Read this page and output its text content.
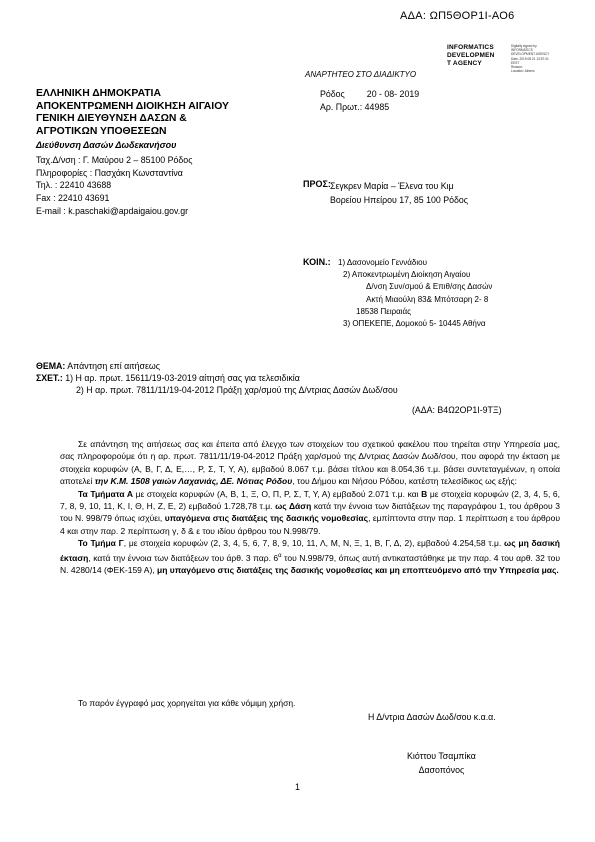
ΑΔΑ: ΩΠ5ΘΟΡ1Ι-ΑΟ6
INFORMATICS
DEVELOPMEN
T AGENCY
Digitally signed by
INFORMATICS
DEVELOPMENT AGENCY
Date: 2019.08.21 13:57:31
EEST
Reason:
Location: Athens
ΑΝΑΡΤΗΤΕΟ ΣΤΟ ΔΙΑΔΙΚΤΥΟ
ΕΛΛΗΝΙΚΗ ΔΗΜΟΚΡΑΤΙΑ
ΑΠΟΚΕΝΤΡΩΜΕΝΗ ΔΙΟΙΚΗΣΗ ΑΙΓΑΙΟΥ
ΓΕΝΙΚΗ ΔΙΕΥΘΥΝΣΗ ΔΑΣΩΝ &
ΑΓΡΟΤΙΚΩΝ ΥΠΟΘΕΣΕΩΝ
Διεύθυνση Δασών Δωδεκανήσου
Ταχ.Δ/νση : Γ. Μαύρου 2 – 85100 Ρόδος
Πληροφορίες : Πασχάκη Κωνσταντίνα
Τηλ. : 22410 43688
Fax : 22410 43691
E-mail : k.paschaki@apdaigaiou.gov.gr
Ρόδος	20 - 08- 2019
Αρ. Πρωτ.: 44985
ΠΡΟΣ: Σεγκρεν Μαρία – Έλενα του Κιμ
Βορείου Ηπείρου 17, 85 100 Ρόδος
ΚΟΙΝ.: 1) Δασονομείο Γεννάδιου
2) Αποκεντρωμένη Διοίκηση Αιγαίου
Δ/νση Συν/σμού & Επιθ/σης Δασών
Ακτή Μιαούλη 83& Μπότσαρη 2- 8
18538 Πειραιάς
3) ΟΠΕΚΕΠΕ, Δομοκού 5- 10445 Αθήνα
ΘΕΜΑ: Απάντηση επί αιτήσεως
ΣΧΕΤ.: 1) Η αρ. πρωτ. 15611/19-03-2019 αίτησή σας για τελεσιδικία
2) Η αρ. πρωτ. 7811/11/19-04-2012 Πράξη χαρ/σμού της Δ/ντριας Δασών Δωδ/σου
(ΑΔΑ: Β4Ω2ΟΡ1Ι-9ΤΞ)

Σε απάντηση της αιτήσεως σας και έπειτα από έλεγχο των στοιχείων του σχετικού φακέλου που τηρείται στην Υπηρεσία μας, σας πληροφορούμε ότι η αρ. πρωτ. 7811/11/19-04-2012 Πράξη χαρ/σμού της Δ/ντριας Δασών Δωδ/σου, που αφορά την έκταση με στοιχεία κορυφών (Α, Β, Γ, Δ, Ε,…, Ρ, Σ, Τ, Υ, Α), εμβαδού 8.067 τ.μ. βάσει τίτλου και 8.054,36 τ.μ. βάσει συντεταγμένων, η οποία αποτελεί την Κ.Μ. 1508 γαιών Λαχανιάς, ΔΕ. Νότιας Ρόδου, του Δήμου και Νήσου Ρόδου, κατέστη τελεσίδικος ως εξής:

Τα Τμήματα Α με στοιχεία κορυφών (Α, Β, 1, Ξ, Ο, Π, Ρ, Σ, Τ, Υ, Α) εμβαδού 2.071 τ.μ. και Β με στοιχεία κορυφών (2, 3, 4, 5, 6, 7, 8, 9, 10, 11, Κ, Ι, Θ, Η, Ζ, Ε, 2) εμβαδού 1.728,78 τ.μ. ως Δάση κατά την έννοια των διατάξεων της παραγράφου 1, του άρθρου 3 του Ν. 998/79 όπως ισχύει, υπαγόμενα στις διατάξεις της δασικής νομοθεσίας, εμπίπτοντα στην παρ. 1 περίπτωση ε του άρθρου 4 και στην παρ. 2 περίπτωση γ, δ & ε του ιδίου άρθρου του Ν.998/79.

Το Τμήμα Γ, με στοιχεία κορυφών (2, 3, 4, 5, 6, 7, 8, 9, 10, 11, Λ, Μ, Ν, Ξ, 1, Β, Γ, Δ, 2), εμβαδού 4.254,58 τ.μ. ως μη δασική έκταση, κατά την έννοια των διατάξεων του άρθ. 3 παρ. $6^\alpha$ του Ν.998/79, όπως αυτή αντικαταστάθηκε με την παρ. 4 του αρθ. 32 του Ν. 4280/14 (ΦΕΚ-159 Α), μη υπαγόμενο στις διατάξεις της δασικής νομοθεσίας και μη επoπτευόμενο από την Υπηρεσία μας.

Το παρόν έγγραφό μας χορηγείται για κάθε νόμιμη χρήση.
Η Δ/ντρια Δασών Δωδ/σου κ.α.α.
Κιόττου Τσαμπίκα
Δασοπόνος
1
